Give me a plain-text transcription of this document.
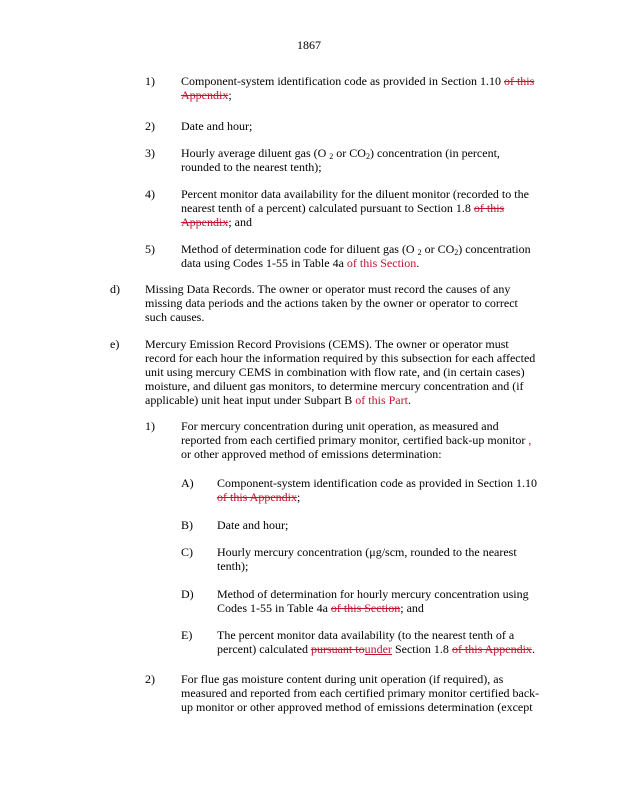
1867
1) Component-system identification code as provided in Section 1.10 of this Appendix;
2) Date and hour;
3) Hourly average diluent gas (O $_2$ or $CO_2$) concentration (in percent, rounded to the nearest tenth);
4) Percent monitor data availability for the diluent monitor (recorded to the nearest tenth of a percent) calculated pursuant to Section 1.8 of this Appendix; and
5) Method of determination code for diluent gas (O $_2$ or $CO_2$) concentration data using Codes 1-55 in Table 4a of this Section.
d) Missing Data Records. The owner or operator must record the causes of any missing data periods and the actions taken by the owner or operator to correct such causes.
e) Mercury Emission Record Provisions (CEMS). The owner or operator must record for each hour the information required by this subsection for each affected unit using mercury CEMS in combination with flow rate, and (in certain cases) moisture, and diluent gas monitors, to determine mercury concentration and (if applicable) unit heat input under Subpart B of this Part.
1) For mercury concentration during unit operation, as measured and reported from each certified primary monitor, certified back-up monitor , or other approved method of emissions determination:
A) Component-system identification code as provided in Section 1.10 of this Appendix;
B) Date and hour;
C) Hourly mercury concentration (μg/scm, rounded to the nearest tenth);
D) Method of determination for hourly mercury concentration using Codes 1-55 in Table 4a of this Section; and
E) The percent monitor data availability (to the nearest tenth of a percent) calculated pursuant tounder Section 1.8 of this Appendix.
2) For flue gas moisture content during unit operation (if required), as measured and reported from each certified primary monitor certified back-up monitor or other approved method of emissions determination (except
